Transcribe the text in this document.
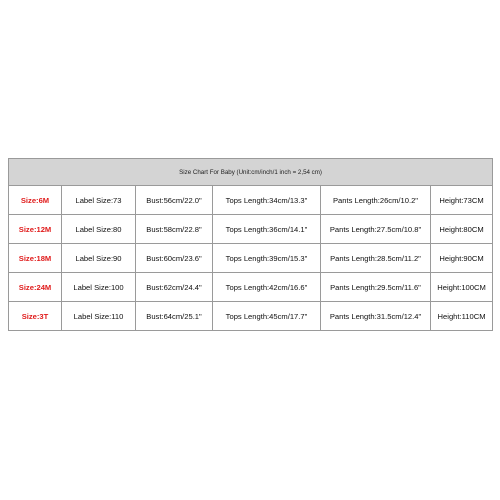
Size Chart For Baby (Unit:cm/inch/1 inch = 2,54 cm)					
Size:6M	Label Size:73	Bust:56cm/22.0"	Tops Length:34cm/13.3"	Pants Length:26cm/10.2"	Height:73CM
Size:12M	Label Size:80	Bust:58cm/22.8"	Tops Length:36cm/14.1"	Pants Length:27.5cm/10.8"	Height:80CM
Size:18M	Label Size:90	Bust:60cm/23.6"	Tops Length:39cm/15.3"	Pants Length:28.5cm/11.2"	Height:90CM
Size:24M	Label Size:100	Bust:62cm/24.4"	Tops Length:42cm/16.6"	Pants Length:29.5cm/11.6"	Height:100CM
Size:3T	Label Size:110	Bust:64cm/25.1"	Tops Length:45cm/17.7"	Pants Length:31.5cm/12.4"	Height:110CM
